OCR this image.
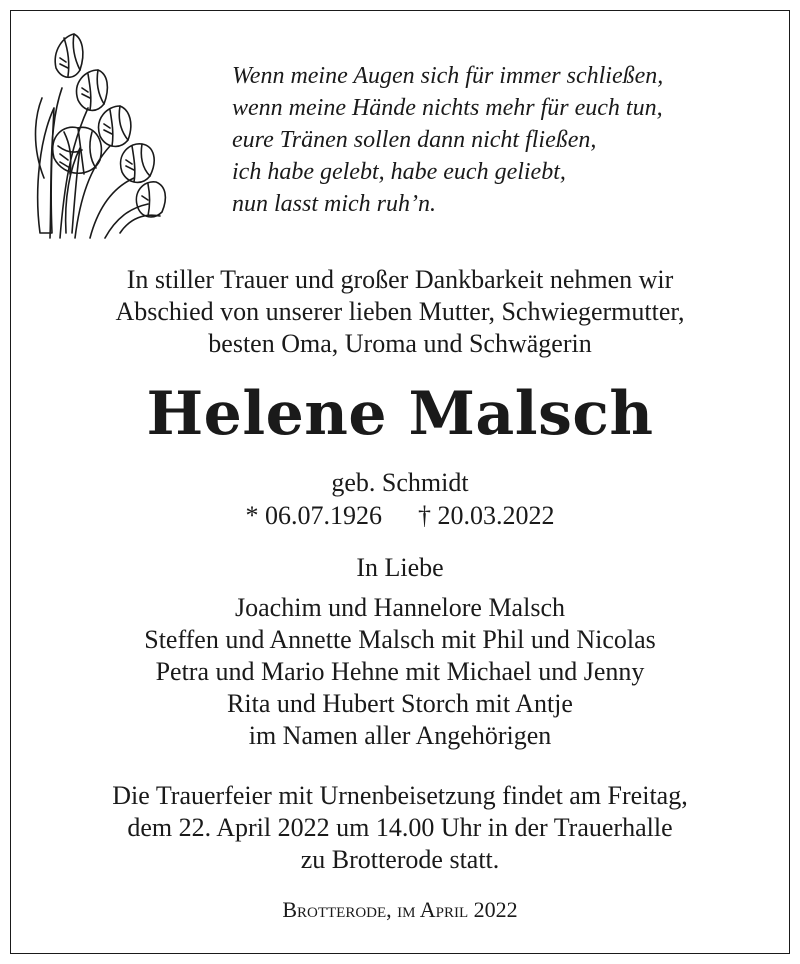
Wenn meine Augen sich für immer schließen,
wenn meine Hände nichts mehr für euch tun,
eure Tränen sollen dann nicht fließen,
ich habe gelebt, habe euch geliebt,
nun lasst mich ruh’n.
In stiller Trauer und großer Dankbarkeit nehmen wir
Abschied von unserer lieben Mutter, Schwiegermutter,
besten Oma, Uroma und Schwägerin
Helene Malsch
geb. Schmidt
* 06.07.1926 † 20.03.2022
In Liebe
Joachim und Hannelore Malsch
Steffen und Annette Malsch mit Phil und Nicolas
Petra und Mario Hehne mit Michael und Jenny
Rita und Hubert Storch mit Antje
im Namen aller Angehörigen
Die Trauerfeier mit Urnenbeisetzung findet am Freitag,
dem 22. April 2022 um 14.00 Uhr in der Trauerhalle
zu Brotterode statt.
Brotterode, im April 2022
